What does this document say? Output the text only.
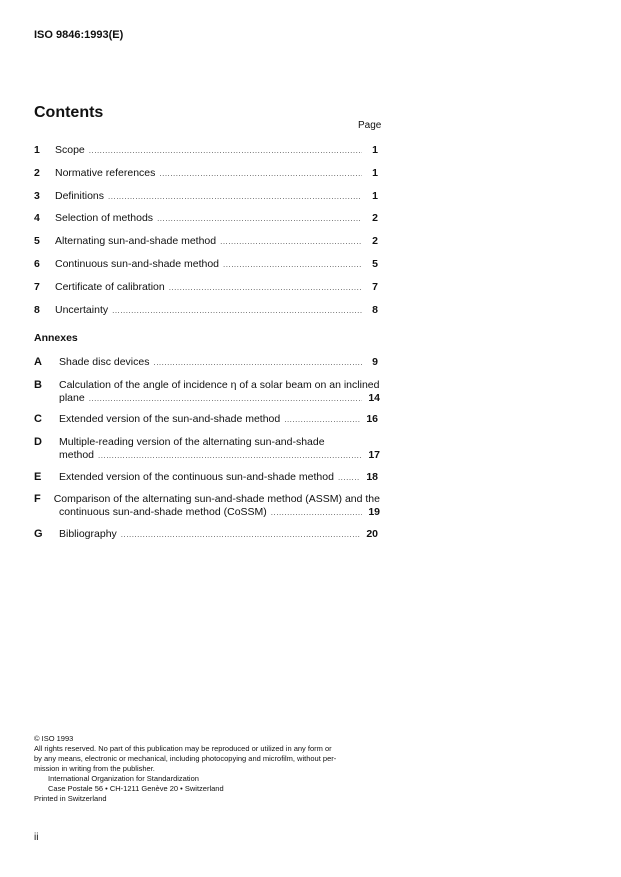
ISO 9846:1993(E)
Contents
Page
1	Scope .....	1
2	Normative references .....	1
3	Definitions .....	1
4	Selection of methods .....	2
5	Alternating sun-and-shade method .....	2
6	Continuous sun-and-shade method .....	5
7	Certificate of calibration .....	7
8	Uncertainty .....	8
Annexes
A	Shade disc devices .....	9
B	Calculation of the angle of incidence η of a solar beam on an inclined
plane .....	14
C	Extended version of the sun-and-shade method .....	16
D	Multiple-reading version of the alternating sun-and-shade
method .....	17
E	Extended version of the continuous sun-and-shade method .....	18
F	Comparison of the alternating sun-and-shade method (ASSM) and the
continuous sun-and-shade method (CoSSM) .....	19
G	Bibliography .....	20
© ISO 1993
All rights reserved. No part of this publication may be reproduced or utilized in any form or
by any means, electronic or mechanical, including photocopying and microfilm, without per-
mission in writing from the publisher.
International Organization for Standardization
Case Postale 56 • CH-1211 Genève 20 • Switzerland
Printed in Switzerland
ii
